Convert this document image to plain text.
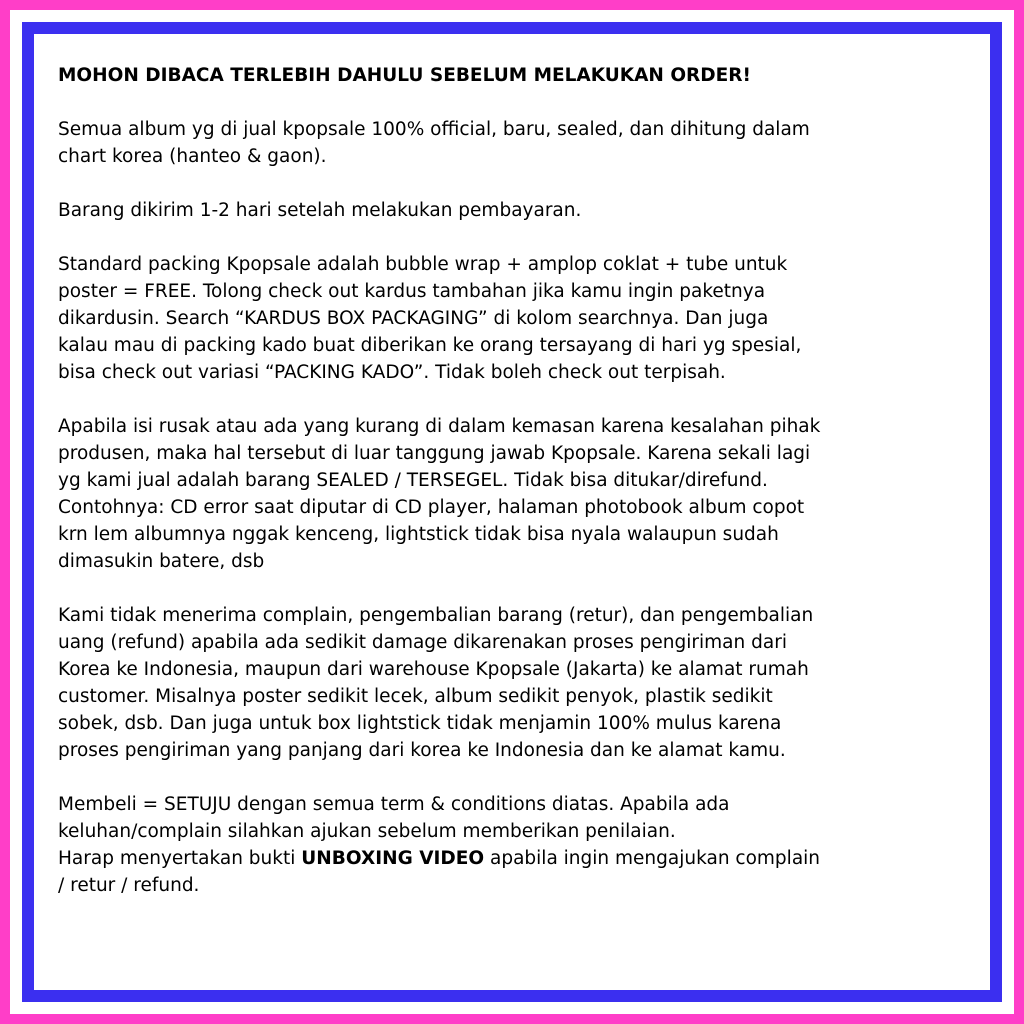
MOHON DIBACA TERLEBIH DAHULU SEBELUM MELAKUKAN ORDER!
Semua album yg di jual kpopsale 100% official, baru, sealed, dan dihitung dalam
chart korea (hanteo & gaon).
Barang dikirim 1-2 hari setelah melakukan pembayaran.
Standard packing Kpopsale adalah bubble wrap + amplop coklat + tube untuk
poster = FREE. Tolong check out kardus tambahan jika kamu ingin paketnya
dikardusin. Search “KARDUS BOX PACKAGING” di kolom searchnya. Dan juga
kalau mau di packing kado buat diberikan ke orang tersayang di hari yg spesial,
bisa check out variasi “PACKING KADO”. Tidak boleh check out terpisah.
Apabila isi rusak atau ada yang kurang di dalam kemasan karena kesalahan pihak
produsen, maka hal tersebut di luar tanggung jawab Kpopsale. Karena sekali lagi
yg kami jual adalah barang SEALED / TERSEGEL. Tidak bisa ditukar/direfund.
Contohnya: CD error saat diputar di CD player, halaman photobook album copot
krn lem albumnya nggak kenceng, lightstick tidak bisa nyala walaupun sudah
dimasukin batere, dsb
Kami tidak menerima complain, pengembalian barang (retur), dan pengembalian
uang (refund) apabila ada sedikit damage dikarenakan proses pengiriman dari
Korea ke Indonesia, maupun dari warehouse Kpopsale (Jakarta) ke alamat rumah
customer. Misalnya poster sedikit lecek, album sedikit penyok, plastik sedikit
sobek, dsb. Dan juga untuk box lightstick tidak menjamin 100% mulus karena
proses pengiriman yang panjang dari korea ke Indonesia dan ke alamat kamu.
Membeli = SETUJU dengan semua term & conditions diatas. Apabila ada
keluhan/complain silahkan ajukan sebelum memberikan penilaian.
Harap menyertakan bukti UNBOXING VIDEO apabila ingin mengajukan complain
/ retur / refund.
